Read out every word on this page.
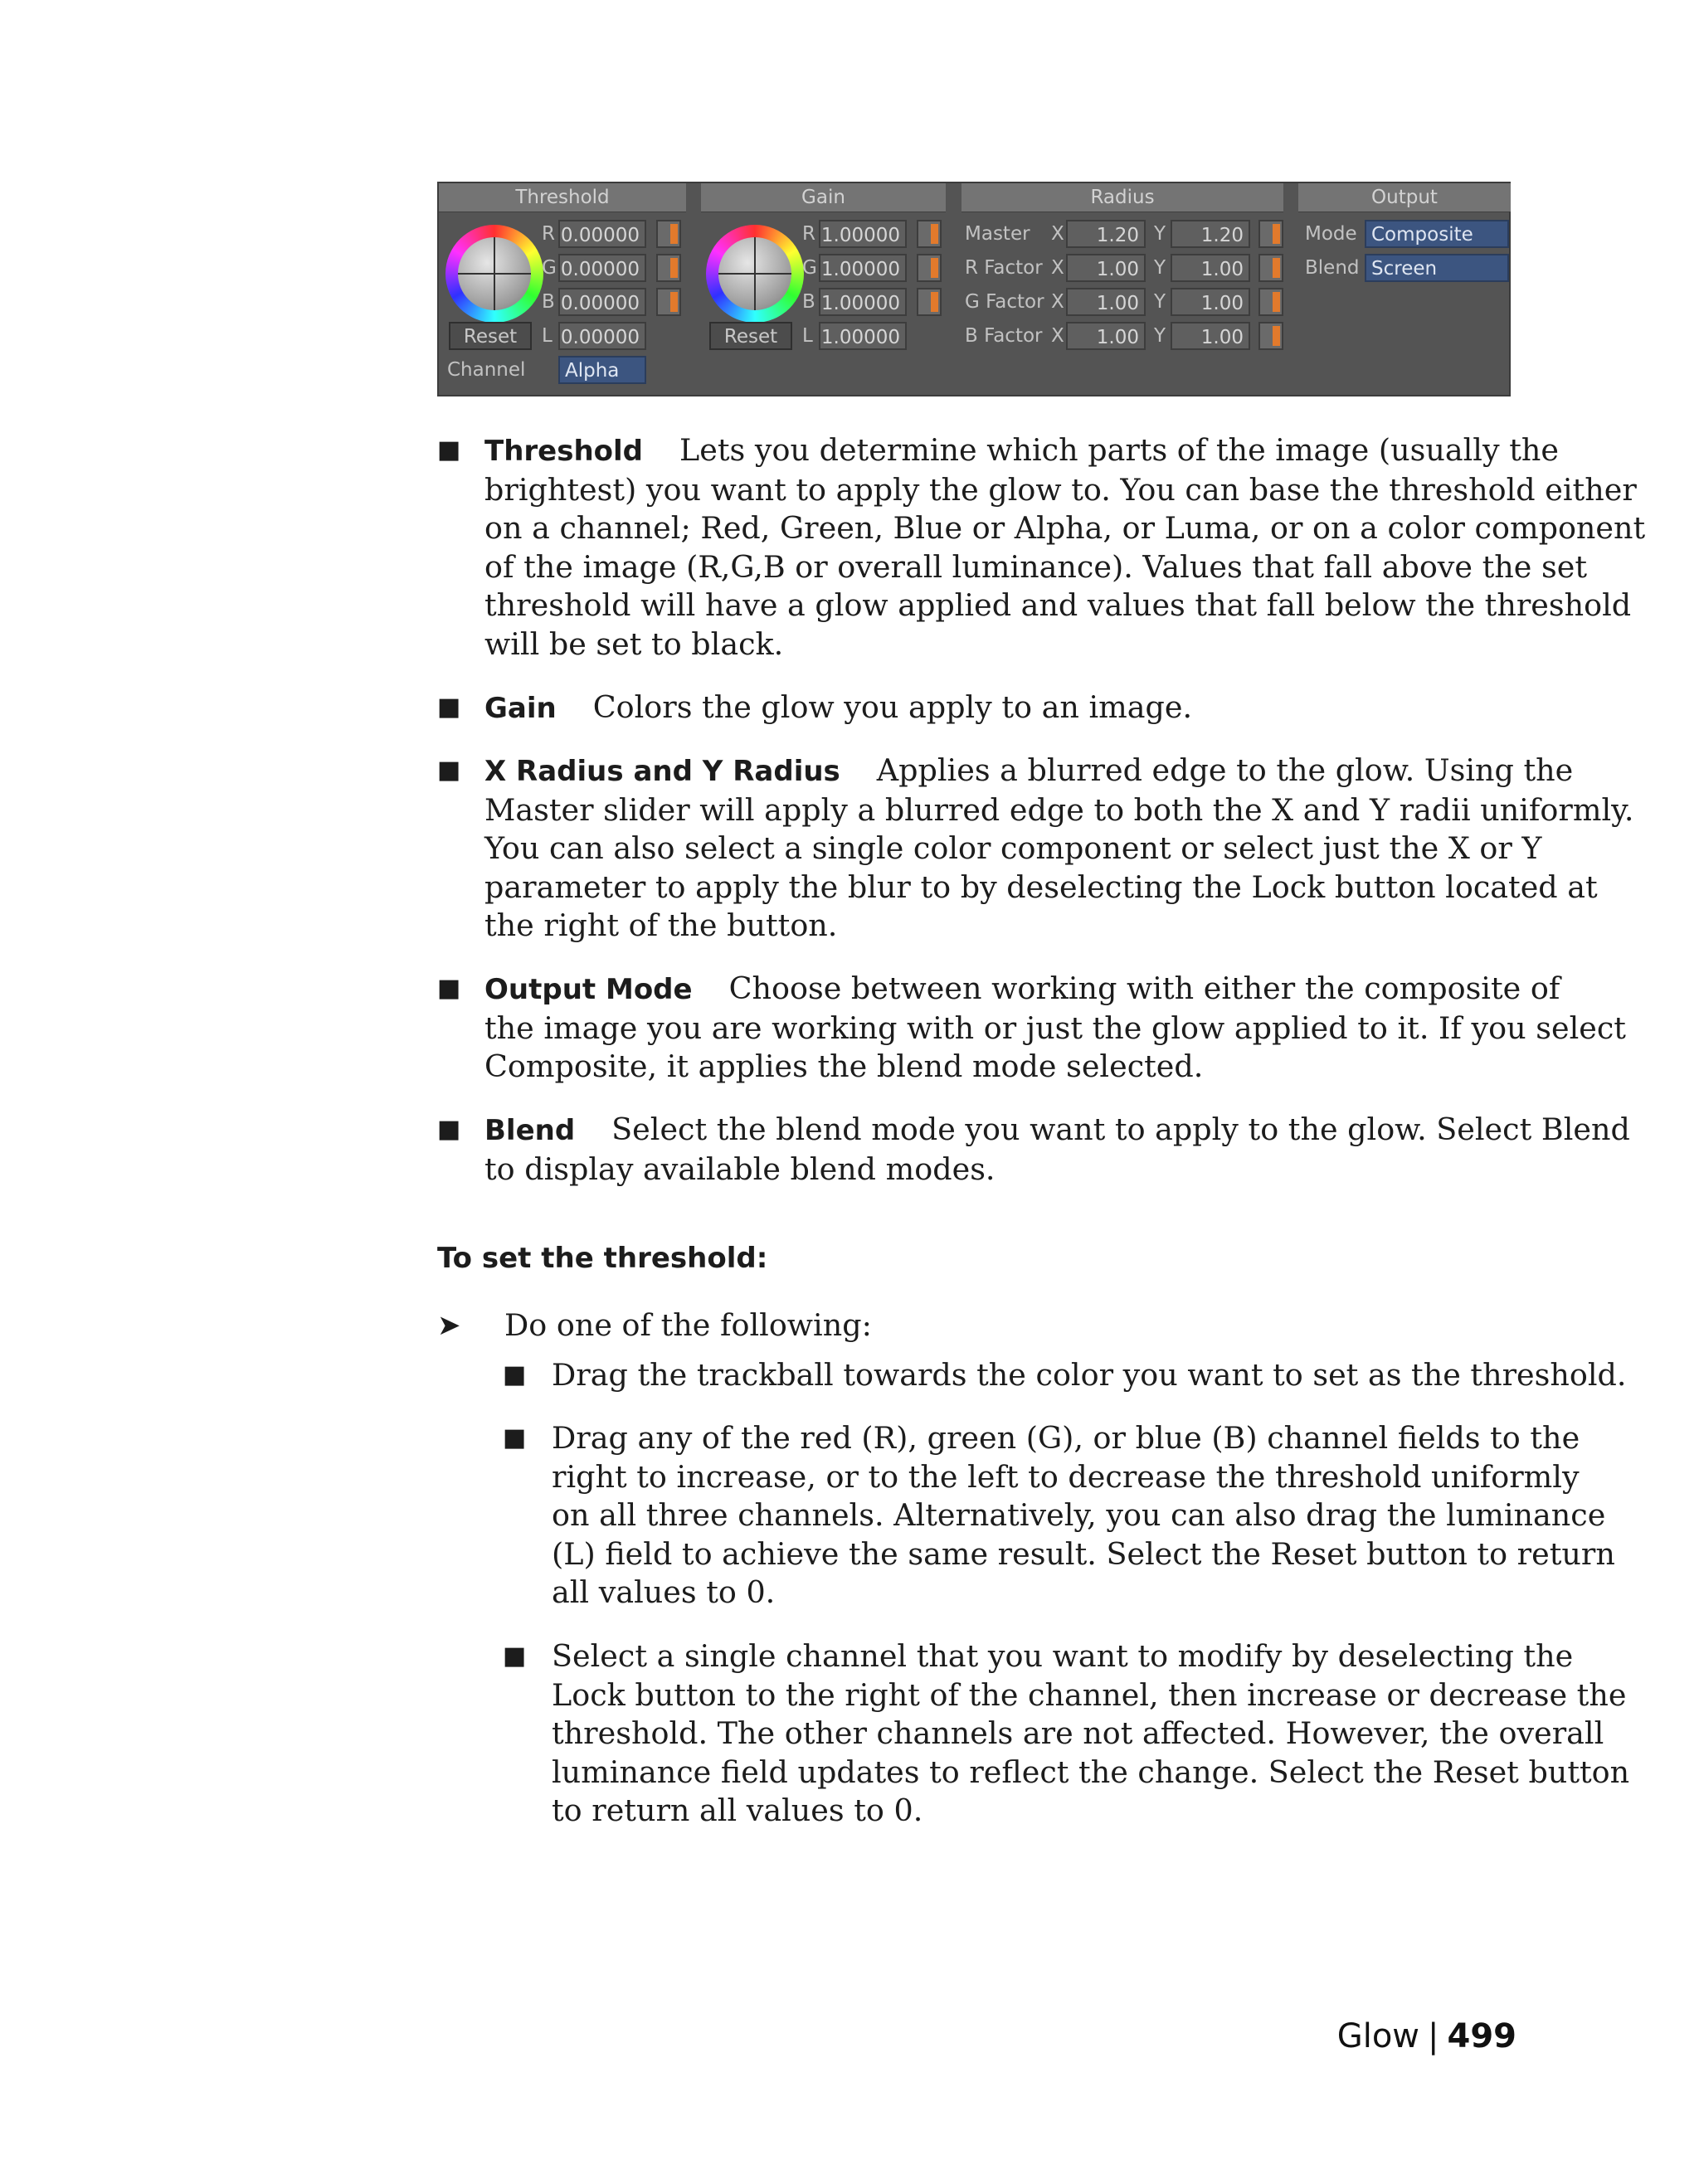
Threshold	Gain	Radius	Output
R 0.00000
G 0.00000
B 0.00000
Reset	L 0.00000
Channel	Alpha
R 1.00000
G 1.00000
B 1.00000
Reset	L 1.00000
Master X	1.20 Y	1.20
R Factor X	1.00 Y	1.00
G Factor X	1.00 Y	1.00
B Factor X	1.00 Y	1.00
Mode Composite
Blend Screen
■ Threshold Lets you determine which parts of the image (usually the
brightest) you want to apply the glow to. You can base the threshold either
on a channel; Red, Green, Blue or Alpha, or Luma, or on a color component
of the image (R,G,B or overall luminance). Values that fall above the set
threshold will have a glow applied and values that fall below the threshold
will be set to black.
■ Gain Colors the glow you apply to an image.
■ X Radius and Y Radius Applies a blurred edge to the glow. Using the
Master slider will apply a blurred edge to both the X and Y radii uniformly.
You can also select a single color component or select just the X or Y
parameter to apply the blur to by deselecting the Lock button located at
the right of the button.
■ Output Mode Choose between working with either the composite of
the image you are working with or just the glow applied to it. If you select
Composite, it applies the blend mode selected.
■ Blend Select the blend mode you want to apply to the glow. Select Blend
to display available blend modes.
To set the threshold:
➤ Do one of the following:
■ Drag the trackball towards the color you want to set as the threshold.
■ Drag any of the red (R), green (G), or blue (B) channel fields to the
right to increase, or to the left to decrease the threshold uniformly
on all three channels. Alternatively, you can also drag the luminance
(L) field to achieve the same result. Select the Reset button to return
all values to 0.
■ Select a single channel that you want to modify by deselecting the
Lock button to the right of the channel, then increase or decrease the
threshold. The other channels are not affected. However, the overall
luminance field updates to reflect the change. Select the Reset button
to return all values to 0.
Glow | 499
